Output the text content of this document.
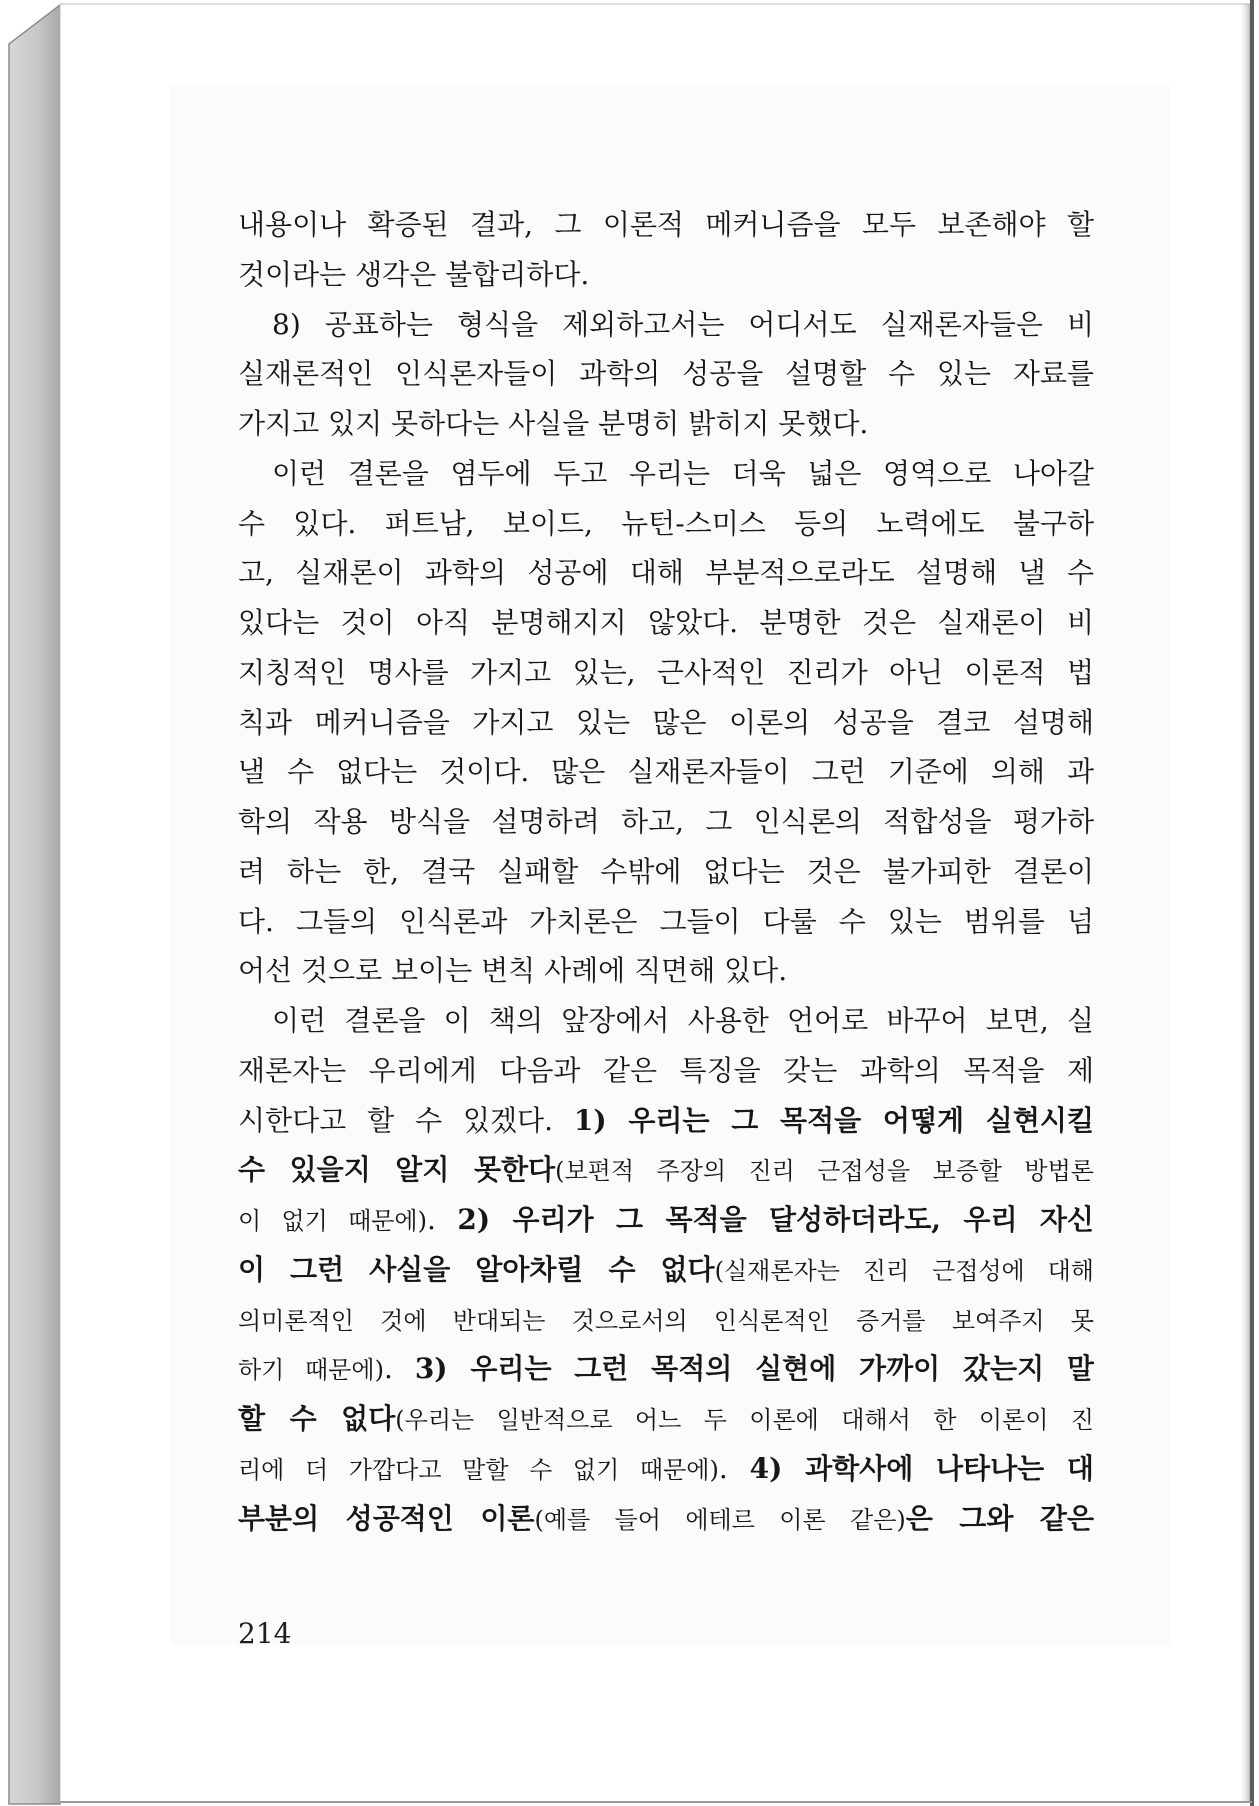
내용이나 확증된 결과, 그 이론적 메커니즘을 모두 보존해야 할
것이라는 생각은 불합리하다.
8) 공표하는 형식을 제외하고서는 어디서도 실재론자들은 비
실재론적인 인식론자들이 과학의 성공을 설명할 수 있는 자료를
가지고 있지 못하다는 사실을 분명히 밝히지 못했다.
이런 결론을 염두에 두고 우리는 더욱 넓은 영역으로 나아갈
수 있다. 퍼트남, 보이드, 뉴턴-스미스 등의 노력에도 불구하
고, 실재론이 과학의 성공에 대해 부분적으로라도 설명해 낼 수
있다는 것이 아직 분명해지지 않았다. 분명한 것은 실재론이 비
지칭적인 명사를 가지고 있는, 근사적인 진리가 아닌 이론적 법
칙과 메커니즘을 가지고 있는 많은 이론의 성공을 결코 설명해
낼 수 없다는 것이다. 많은 실재론자들이 그런 기준에 의해 과
학의 작용 방식을 설명하려 하고, 그 인식론의 적합성을 평가하
려 하는 한, 결국 실패할 수밖에 없다는 것은 불가피한 결론이
다. 그들의 인식론과 가치론은 그들이 다룰 수 있는 범위를 넘
어선 것으로 보이는 변칙 사례에 직면해 있다.
이런 결론을 이 책의 앞장에서 사용한 언어로 바꾸어 보면, 실
재론자는 우리에게 다음과 같은 특징을 갖는 과학의 목적을 제
시한다고 할 수 있겠다. 1) 우리는 그 목적을 어떻게 실현시킬
수 있을지 알지 못한다(보편적 주장의 진리 근접성을 보증할 방법론
이 없기 때문에). 2) 우리가 그 목적을 달성하더라도, 우리 자신
이 그런 사실을 알아차릴 수 없다(실재론자는 진리 근접성에 대해
의미론적인 것에 반대되는 것으로서의 인식론적인 증거를 보여주지 못
하기 때문에). 3) 우리는 그런 목적의 실현에 가까이 갔는지 말
할 수 없다(우리는 일반적으로 어느 두 이론에 대해서 한 이론이 진
리에 더 가깝다고 말할 수 없기 때문에). 4) 과학사에 나타나는 대
부분의 성공적인 이론(예를 들어 에테르 이론 같은)은 그와 같은
214
